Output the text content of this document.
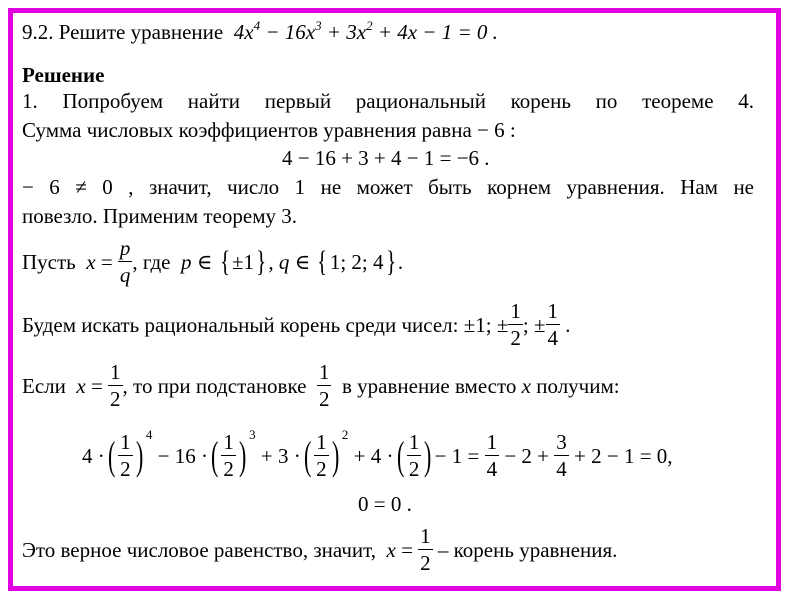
9.2. Решите уравнение $4x^4 - 16x^3 + 3x^2 + 4x - 1 = 0$ .
Решение
1. Попробуем найти первый рациональный корень по теореме 4.
Сумма числовых коэффициентов уравнения равна − 6 :
4 − 16 + 3 + 4 − 1 = −6 .
− 6 ≠ 0 , значит, число 1 не может быть корнем уравнения. Нам не
повезло. Применим теорему 3.
Пусть
x
=
$\frac{p}{q}$ , где
p ∈
{ ±1 } , q ∈
{ 1; 2; 4 } .
Будем искать рациональный корень среди чисел: ±1; ± $\frac{1}{2}$ ; ± $\frac{1}{4}$
.
Если
x
=
$\frac{1}{2}$ , то при подстановке
$\frac{1}{2}$
в уравнение вместо
x
получим:
4 · ( $\frac{1}{2} )^4$

− 16 · ( $\frac{1}{2} )^3$

+ 3 · ( $\frac{1}{2} )^2$

+ 4 · ( $\frac{1}{2}$ ) − 1 =
$\frac{1}{4}$
− 2 +
$\frac{3}{4}$
+ 2 − 1 = 0,
0 = 0 .
Это верное числовое равенство, значит,
x
=
$\frac{1}{2}$
– корень уравнения.
